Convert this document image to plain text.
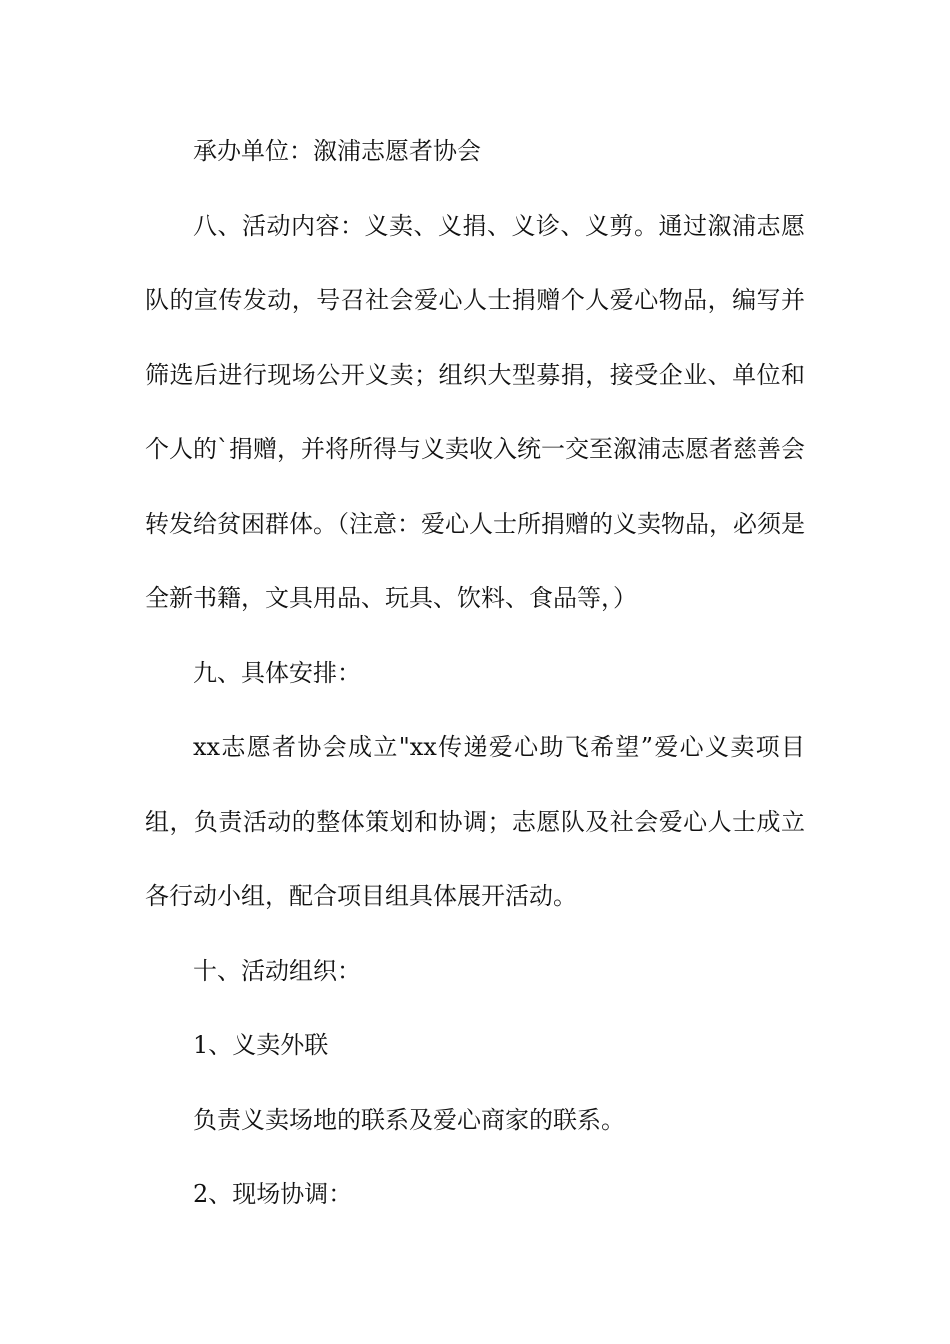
承办单位：溆浦志愿者协会

八、活动内容：义卖、义捐、义诊、义剪。通过溆浦志愿队的宣传发动，号召社会爱心人士捐赠个人爱心物品，编写并筛选后进行现场公开义卖；组织大型募捐，接受企业、单位和个人的`捐赠，并将所得与义卖收入统一交至溆浦志愿者慈善会转发给贫困群体。（注意：爱心人士所捐赠的义卖物品，必须是全新书籍，文具用品、玩具、饮料、食品等，）

九、具体安排：

xx志愿者协会成立"xx传递爱心助飞希望”爱心义卖项目组，负责活动的整体策划和协调；志愿队及社会爱心人士成立各行动小组，配合项目组具体展开活动。

十、活动组织：

1、义卖外联

负责义卖场地的联系及爱心商家的联系。

2、现场协调：
